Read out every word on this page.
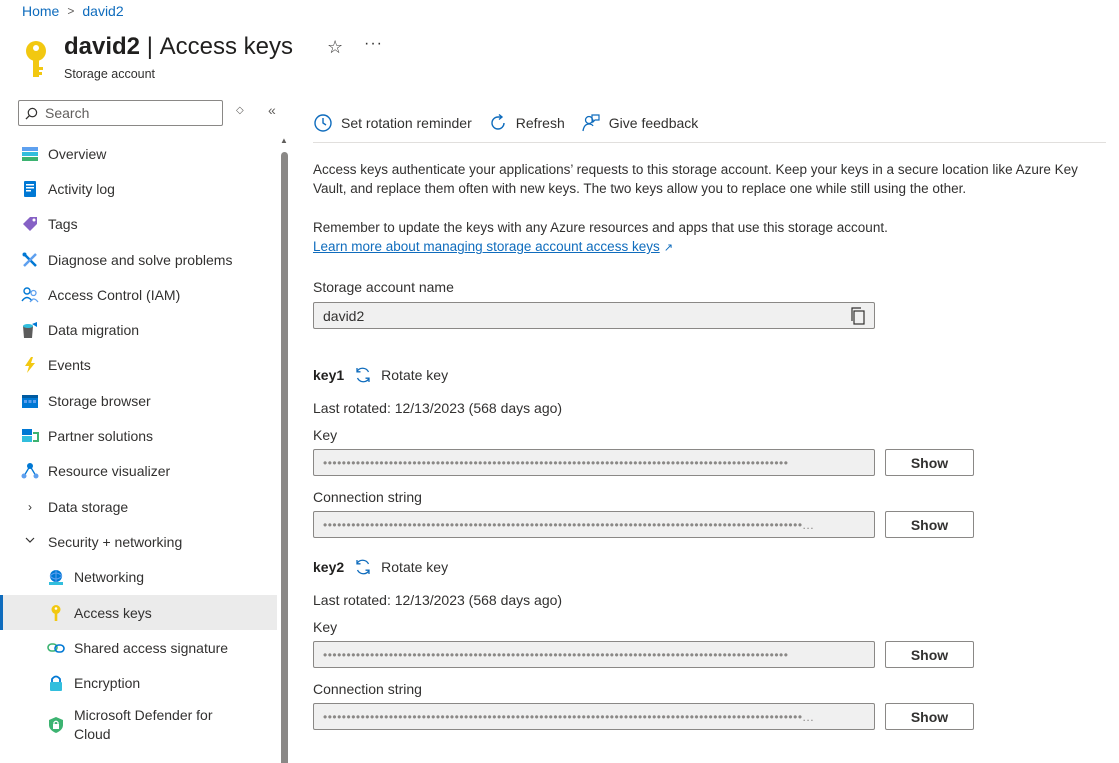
Home > david2
david2 | Access keys
Storage account
☆ ···
Search
◇ «
Overview
Activity log
Tags
Diagnose and solve problems
Access Control (IAM)
Data migration
Events
Storage browser
Partner solutions
Resource visualizer
›	Data storage
Security + networking
Networking
Access keys
Shared access signature
Encryption
Microsoft Defender for Cloud
▲
Set rotation reminder	Refresh	Give feedback

Access keys authenticate your applications’ requests to this storage account. Keep your keys in a secure location like Azure Key Vault, and replace them often with new keys. The two keys allow you to replace one while still using the other.

Remember to update the keys with any Azure resources and apps that use this storage account.

Learn more about managing storage account access keys ↗

Storage account name
david2
key1	Rotate key
Last rotated: 12/13/2023 (568 days ago)
Key
•••••••••••••••••••••••••••••••••••••••••••••••••••••••••••••••••••••••••••••••••••••••••••••••••••	Show
Connection string
••••••••••••••••••••••••••••••••••••••••••••••••••••••••••••••••••••••••••••••••••••••••••••••••••••••...	Show
key2	Rotate key
Last rotated: 12/13/2023 (568 days ago)
Key
•••••••••••••••••••••••••••••••••••••••••••••••••••••••••••••••••••••••••••••••••••••••••••••••••••	Show
Connection string
••••••••••••••••••••••••••••••••••••••••••••••••••••••••••••••••••••••••••••••••••••••••••••••••••••••...	Show
